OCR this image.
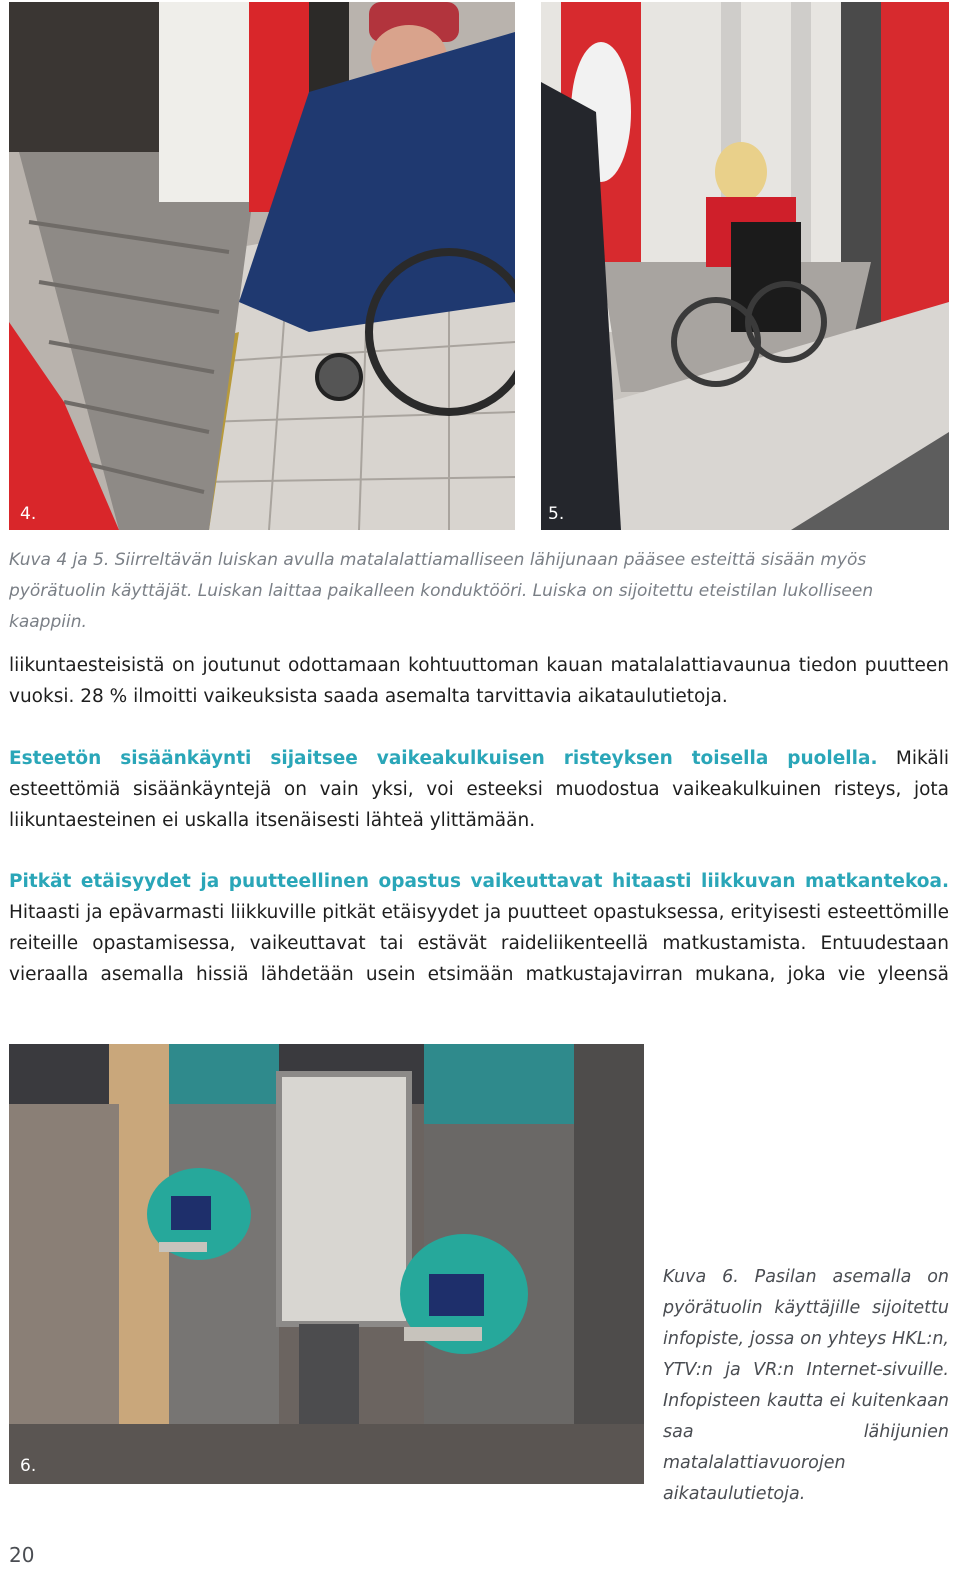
4.	5.
Kuva 4 ja 5. Siirreltävän luiskan avulla matalalattiamalliseen lähijunaan pääsee esteittä sisään myös pyörätuolin käyttäjät. Luiskan laittaa paikalleen konduktööri. Luiska on sijoitettu eteistilan lukolliseen kaappiin.
liikuntaesteisistä on joutunut odottamaan kohtuuttoman kauan matalalattiavaunua tiedon puutteen vuoksi. 28 % ilmoitti vaikeuksista saada asemalta tarvittavia aikataulutietoja.
Esteetön sisäänkäynti sijaitsee vaikeakulkuisen risteyksen toisella puolella. Mikäli esteettömiä sisäänkäyntejä on vain yksi, voi esteeksi muodostua vaikeakulkuinen risteys, jota liikuntaesteinen ei uskalla itsenäisesti lähteä ylittämään.
Pitkät etäisyydet ja puutteellinen opastus vaikeuttavat hitaasti liikkuvan matkantekoa. Hitaasti ja epävarmasti liikkuville pitkät etäisyydet ja puutteet opastuksessa, erityisesti esteettömille reiteille opastamisessa, vaikeuttavat tai estävät raideliikenteellä matkustamista. Entuudestaan vieraalla asemalla hissiä lähdetään usein etsimään matkustajavirran mukana, joka vie yleensä
6.
Kuva 6. Pasilan asemalla on pyörätuolin käyttäjille sijoitettu infopiste, jossa on yhteys HKL:n, YTV:n ja VR:n Internet-sivuille. Infopisteen kautta ei kuitenkaan saa lähijunien matalalattiavuorojen aikataulutietoja.
20
